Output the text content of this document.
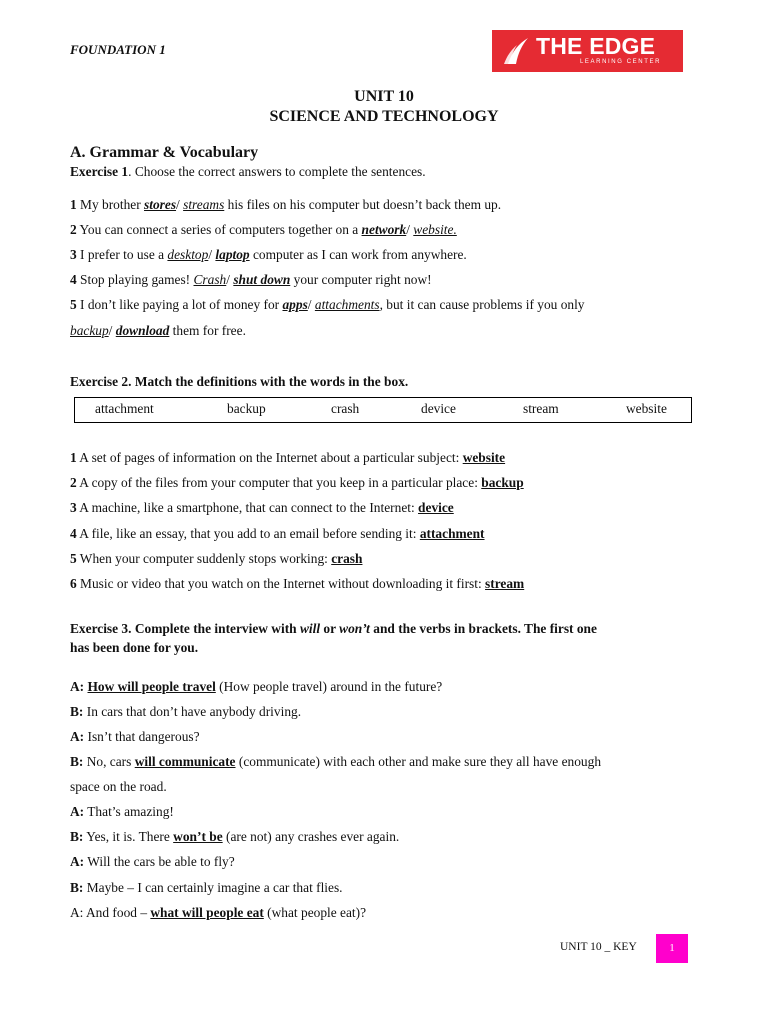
FOUNDATION 1	THE EDGE
LEARNING CENTER
UNIT 10
SCIENCE AND TECHNOLOGY
A. Grammar & Vocabulary
Exercise 1. Choose the correct answers to complete the sentences.
1 My brother stores/ streams his files on his computer but doesn’t back them up.
2 You can connect a series of computers together on a network/ website.
3 I prefer to use a desktop/ laptop computer as I can work from anywhere.
4 Stop playing games! Crash/ shut down your computer right now!
5 I don’t like paying a lot of money for apps/ attachments, but it can cause problems if you only
backup/ download them for free.
Exercise 2. Match the definitions with the words in the box.
attachment	backup	crash	device	stream	website
1 A set of pages of information on the Internet about a particular subject: website
2 A copy of the files from your computer that you keep in a particular place: backup
3 A machine, like a smartphone, that can connect to the Internet: device
4 A file, like an essay, that you add to an email before sending it: attachment
5 When your computer suddenly stops working: crash
6 Music or video that you watch on the Internet without downloading it first: stream
Exercise 3. Complete the interview with will or won’t and the verbs in brackets. The first one
has been done for you.
A: How will people travel (How people travel) around in the future?
B: In cars that don’t have anybody driving.
A: Isn’t that dangerous?
B: No, cars will communicate (communicate) with each other and make sure they all have enough
space on the road.
A: That’s amazing!
B: Yes, it is. There won’t be (are not) any crashes ever again.
A: Will the cars be able to fly?
B: Maybe – I can certainly imagine a car that flies.
A: And food – what will people eat (what people eat)?
UNIT 10 _ KEY	1
